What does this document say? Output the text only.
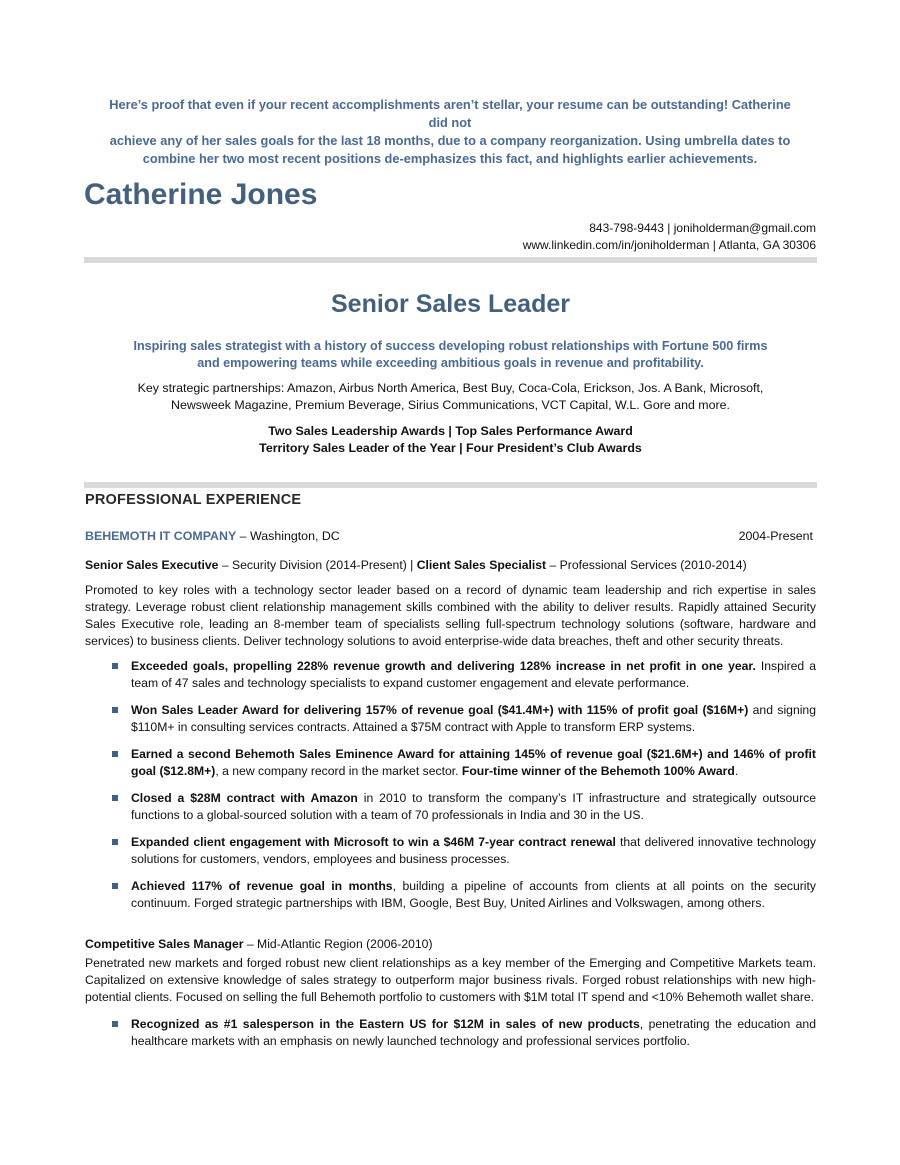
Here’s proof that even if your recent accomplishments aren’t stellar, your resume can be outstanding! Catherine did not
achieve any of her sales goals for the last 18 months, due to a company reorganization. Using umbrella dates to
combine her two most recent positions de-emphasizes this fact, and highlights earlier achievements.
Catherine Jones
843-798-9443 | joniholderman@gmail.com
www.linkedin.com/in/joniholderman | Atlanta, GA 30306
Senior Sales Leader
Inspiring sales strategist with a history of success developing robust relationships with Fortune 500 firms
and empowering teams while exceeding ambitious goals in revenue and profitability.
Key strategic partnerships: Amazon, Airbus North America, Best Buy, Coca-Cola, Erickson, Jos. A Bank, Microsoft,
Newsweek Magazine, Premium Beverage, Sirius Communications, VCT Capital, W.L. Gore and more.
Two Sales Leadership Awards | Top Sales Performance Award
Territory Sales Leader of the Year | Four President’s Club Awards
PROFESSIONAL EXPERIENCE
BEHEMOTH IT COMPANY – Washington, DC	2004-Present
Senior Sales Executive – Security Division (2014-Present) | Client Sales Specialist – Professional Services (2010-2014)
Promoted to key roles with a technology sector leader based on a record of dynamic team leadership and rich expertise in sales strategy. Leverage robust client relationship management skills combined with the ability to deliver results. Rapidly attained Security Sales Executive role, leading an 8-member team of specialists selling full-spectrum technology solutions (software, hardware and services) to business clients. Deliver technology solutions to avoid enterprise-wide data breaches, theft and other security threats.
Exceeded goals, propelling 228% revenue growth and delivering 128% increase in net profit in one year. Inspired a team of 47 sales and technology specialists to expand customer engagement and elevate performance.
Won Sales Leader Award for delivering 157% of revenue goal ($41.4M+) with 115% of profit goal ($16M+) and signing $110M+ in consulting services contracts. Attained a $75M contract with Apple to transform ERP systems.
Earned a second Behemoth Sales Eminence Award for attaining 145% of revenue goal ($21.6M+) and 146% of profit goal ($12.8M+), a new company record in the market sector. Four-time winner of the Behemoth 100% Award.
Closed a $28M contract with Amazon in 2010 to transform the company’s IT infrastructure and strategically outsource functions to a global-sourced solution with a team of 70 professionals in India and 30 in the US.
Expanded client engagement with Microsoft to win a $46M 7-year contract renewal that delivered innovative technology solutions for customers, vendors, employees and business processes.
Achieved 117% of revenue goal in months, building a pipeline of accounts from clients at all points on the security continuum. Forged strategic partnerships with IBM, Google, Best Buy, United Airlines and Volkswagen, among others.
Competitive Sales Manager – Mid-Atlantic Region (2006-2010)
Penetrated new markets and forged robust new client relationships as a key member of the Emerging and Competitive Markets team. Capitalized on extensive knowledge of sales strategy to outperform major business rivals. Forged robust relationships with new high-potential clients. Focused on selling the full Behemoth portfolio to customers with $1M total IT spend and <10% Behemoth wallet share.
Recognized as #1 salesperson in the Eastern US for $12M in sales of new products, penetrating the education and healthcare markets with an emphasis on newly launched technology and professional services portfolio.
